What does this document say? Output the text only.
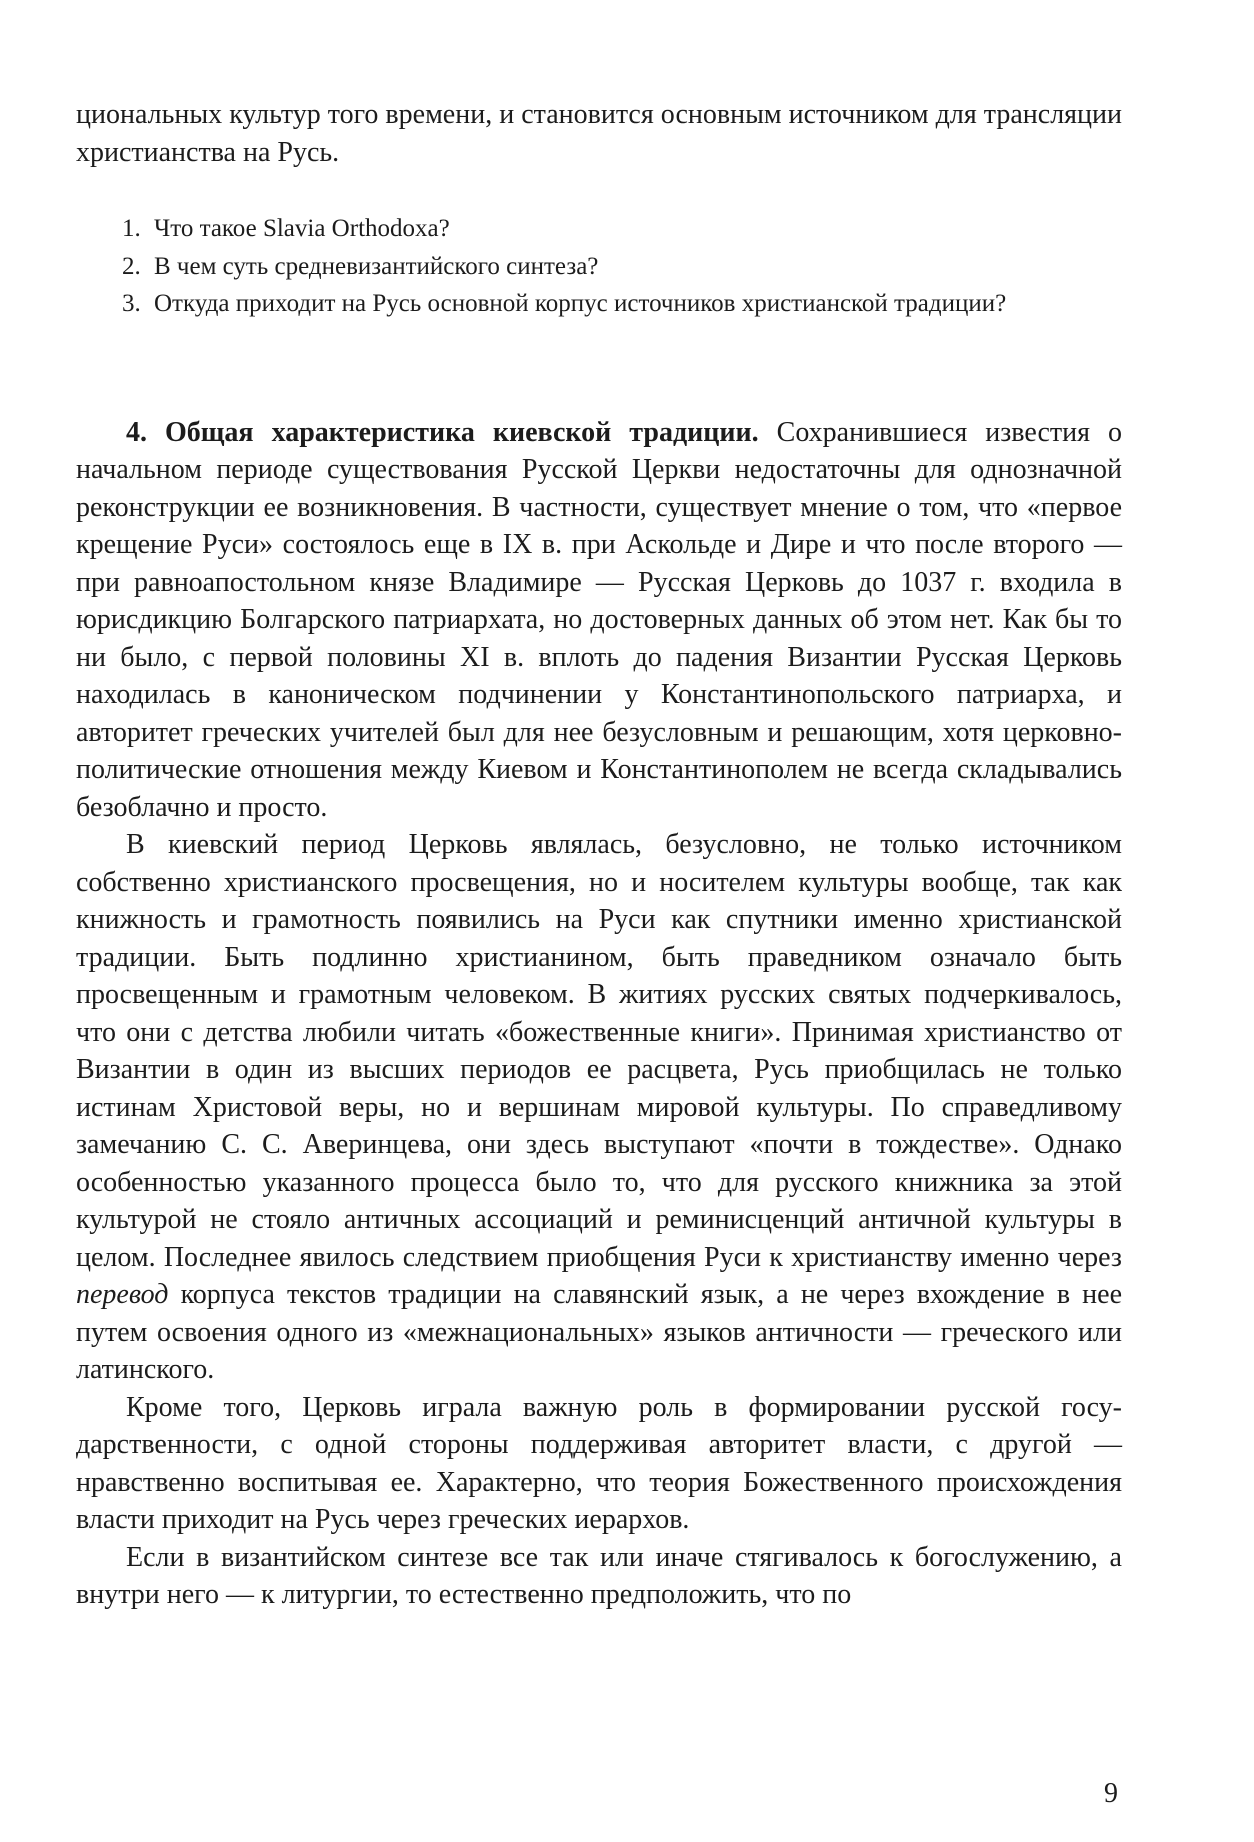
циональных культур того времени, и становится основным источником для трансляции христианства на Русь.

1. Что такое Slavia Orthodoxa?
2. В чем суть средневизантийского синтеза?
3. Откуда приходит на Русь основной корпус источников христианской традиции?

4. Общая характеристика киевской традиции. Сохранившиеся известия о начальном периоде существования Русской Церкви недостаточны для однозначной реконструкции ее возникновения. В частности, существует мнение о том, что «первое крещение Руси» состоялось еще в IX в. при Аскольде и Дире и что после второго — при равноапостольном князе Владимире — Русская Церковь до 1037 г. входила в юрисдикцию Болгарского патриархата, но достоверных данных об этом нет. Как бы то ни было, с первой половины XI в. вплоть до падения Византии Русская Церковь находилась в каноническом подчинении у Константинопольского патриарха, и авторитет греческих учителей был для нее безусловным и решающим, хотя церковно-политические отношения между Киевом и Константинополем не всегда складывались безоблачно и просто.

В киевский период Церковь являлась, безусловно, не только источником собственно христианского просвещения, но и носителем культуры вообще, так как книжность и грамотность появились на Руси как спутники именно христианской традиции. Быть подлинно христианином, быть праведником означало быть просвещенным и грамотным человеком. В житиях русских святых подчеркивалось, что они с детства любили читать «божественные книги». Принимая христианство от Византии в один из высших периодов ее расцвета, Русь приобщилась не только истинам Христовой веры, но и вершинам мировой культуры. По справедливому замечанию С. С. Аверинцева, они здесь выступают «почти в тождестве». Однако особенностью указанного процесса было то, что для русского книжника за этой культурой не стояло античных ассоциаций и реминисценций античной культуры в целом. Последнее явилось следствием приобщения Руси к христианству именно через перевод корпуса текстов традиции на славянский язык, а не через вхождение в нее путем освоения одного из «межнациональных» языков античности — греческого или латинского.

Кроме того, Церковь играла важную роль в формировании русской государственности, с одной стороны поддерживая авторитет власти, с другой — нравственно воспитывая ее. Характерно, что теория Божественного происхождения власти приходит на Русь через греческих иерархов.

Если в византийском синтезе все так или иначе стягивалось к богослужению, а внутри него — к литургии, то естественно предположить, что по

9
